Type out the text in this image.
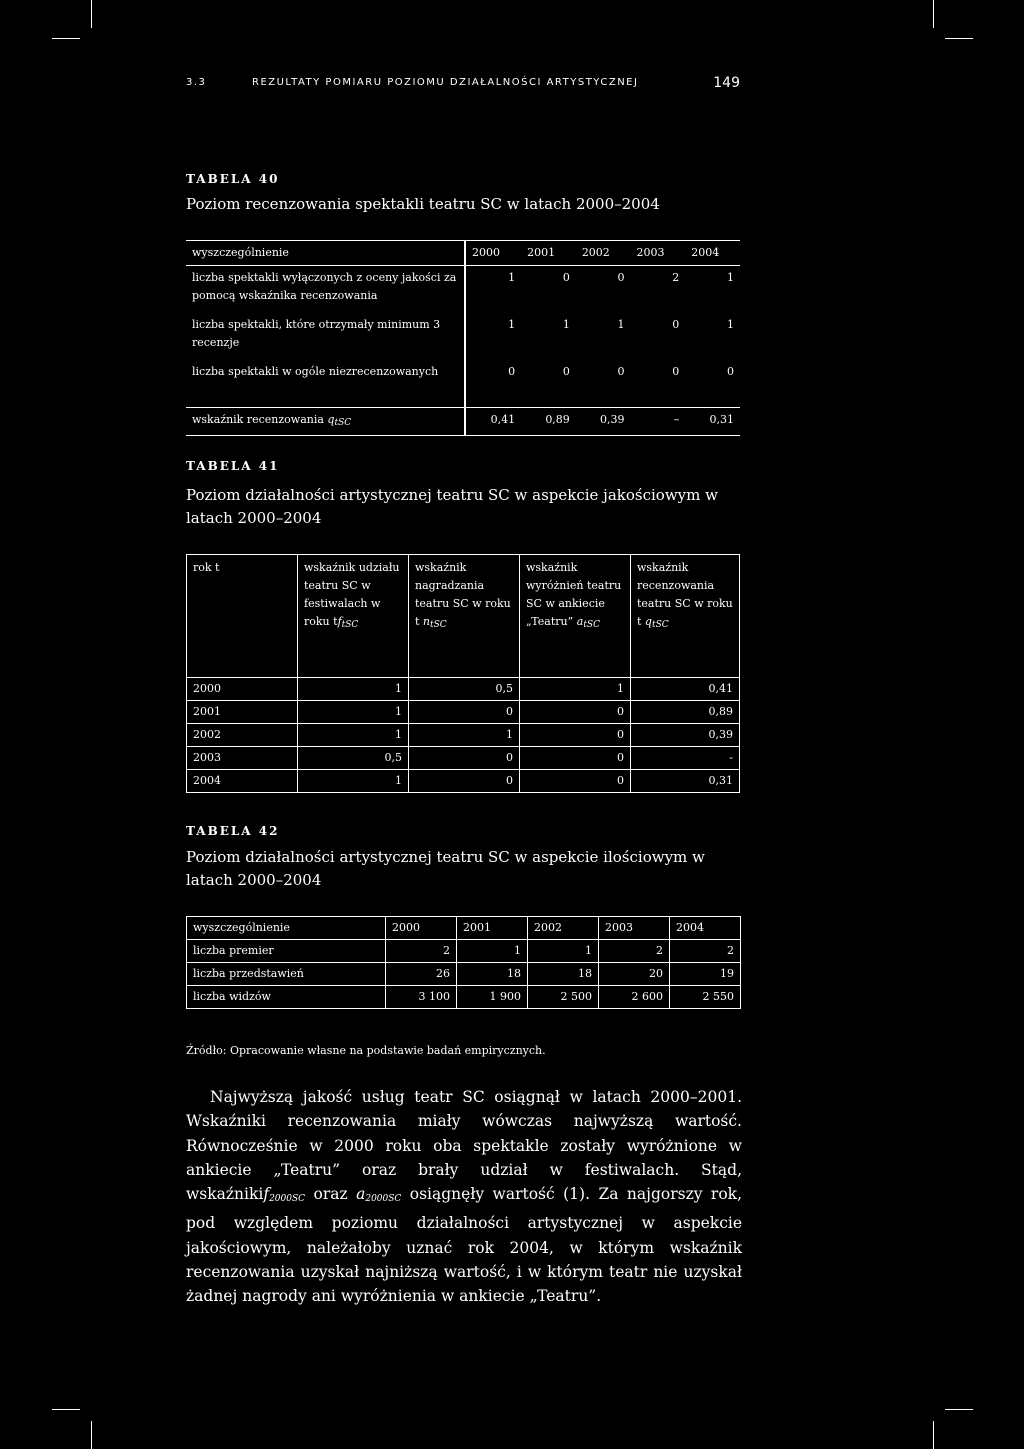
3.3	REZULTATY POMIARU POZIOMU DZIAŁALNOŚCI ARTYSTYCZNEJ	149
TABELA 40
Poziom recenzowania spektakli teatru SC w latach 2000–2004
wyszczególnienie	2000	2001	2002	2003	2004
liczba spektakli wyłączonych z oceny jakości za pomocą wskaźnika recenzowania	1	0	0	2	1
liczba spektakli, które otrzymały minimum 3 recenzje	1	1	1	0	1
liczba spektakli w ogóle niezrecenzowanych	0	0	0	0	0
wskaźnik recenzowania $q_{tSC}$	0,41	0,89	0,39	–	0,31
TABELA 41
Poziom działalności artystycznej teatru SC w aspekcie jakościowym w latach 2000–2004
rok t	wskaźnik udziału teatru SC w festiwalach w roku $tf_{tSC}$	wskaźnik nagradzania teatru SC w roku t $n_{tSC}$	wskaźnik wyróżnień teatru SC w ankiecie „Teatru” $a_{tSC}$	wskaźnik recenzowania teatru SC w roku t $q_{tSC}$
2000	1	0,5	1	0,41
2001	1	0	0	0,89
2002	1	1	0	0,39
2003	0,5	0	0	-
2004	1	0	0	0,31
TABELA 42
Poziom działalności artystycznej teatru SC w aspekcie ilościowym w latach 2000–2004
wyszczególnienie	2000	2001	2002	2003	2004
liczba premier	2	1	1	2	2
liczba przedstawień	26	18	18	20	19
liczba widzów	3 100	1 900	2 500	2 600	2 550
Źródło: Opracowanie własne na podstawie badań empirycznych.

Najwyższą jakość usług teatr SC osiągnął w latach 2000–2001. Wskaźniki recenzowania miały wówczas najwyższą wartość. Równocześnie w 2000 roku oba spektakle zostały wyróżnione w ankiecie „Teatru” oraz brały udział w festiwalach. Stąd, wskaźnikif$_{2000SC}$ oraz $a_{2000SC}$ osiągnęły wartość (1). Za najgorszy rok, pod względem poziomu działalności artystycznej w aspekcie jakościowym, należałoby uznać rok 2004, w którym wskaźnik recenzowania uzyskał najniższą wartość, i w którym teatr nie uzyskał żadnej nagrody ani wyróżnienia w ankiecie „Teatru”.
